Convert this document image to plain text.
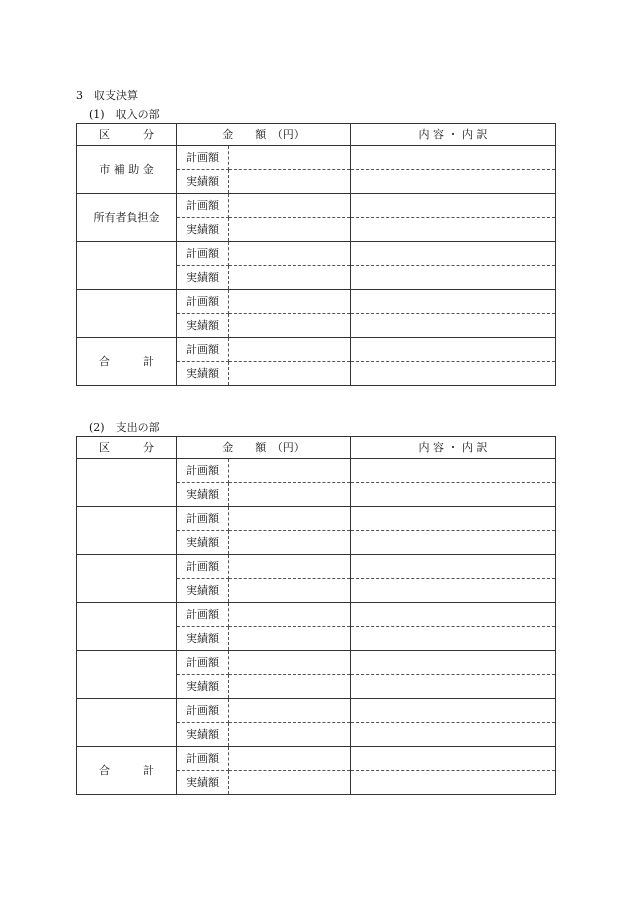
3　収支決算
(1)　収入の部
区　　　分	金　　額　（円）		内 容 ・ 内 訳
市 補 助 金	計画額		
	実績額		
所有者負担金	計画額		
	実績額		
	計画額		
	実績額		
	計画額		
	実績額		
合　　　計	計画額		
	実績額		
(2)　支出の部
区　　　分	金　　額　（円）		内 容 ・ 内 訳
	計画額		
	実績額		
	計画額		
	実績額		
	計画額		
	実績額		
	計画額		
	実績額		
	計画額		
	実績額		
	計画額		
	実績額		
合　　　計	計画額		
	実績額		
